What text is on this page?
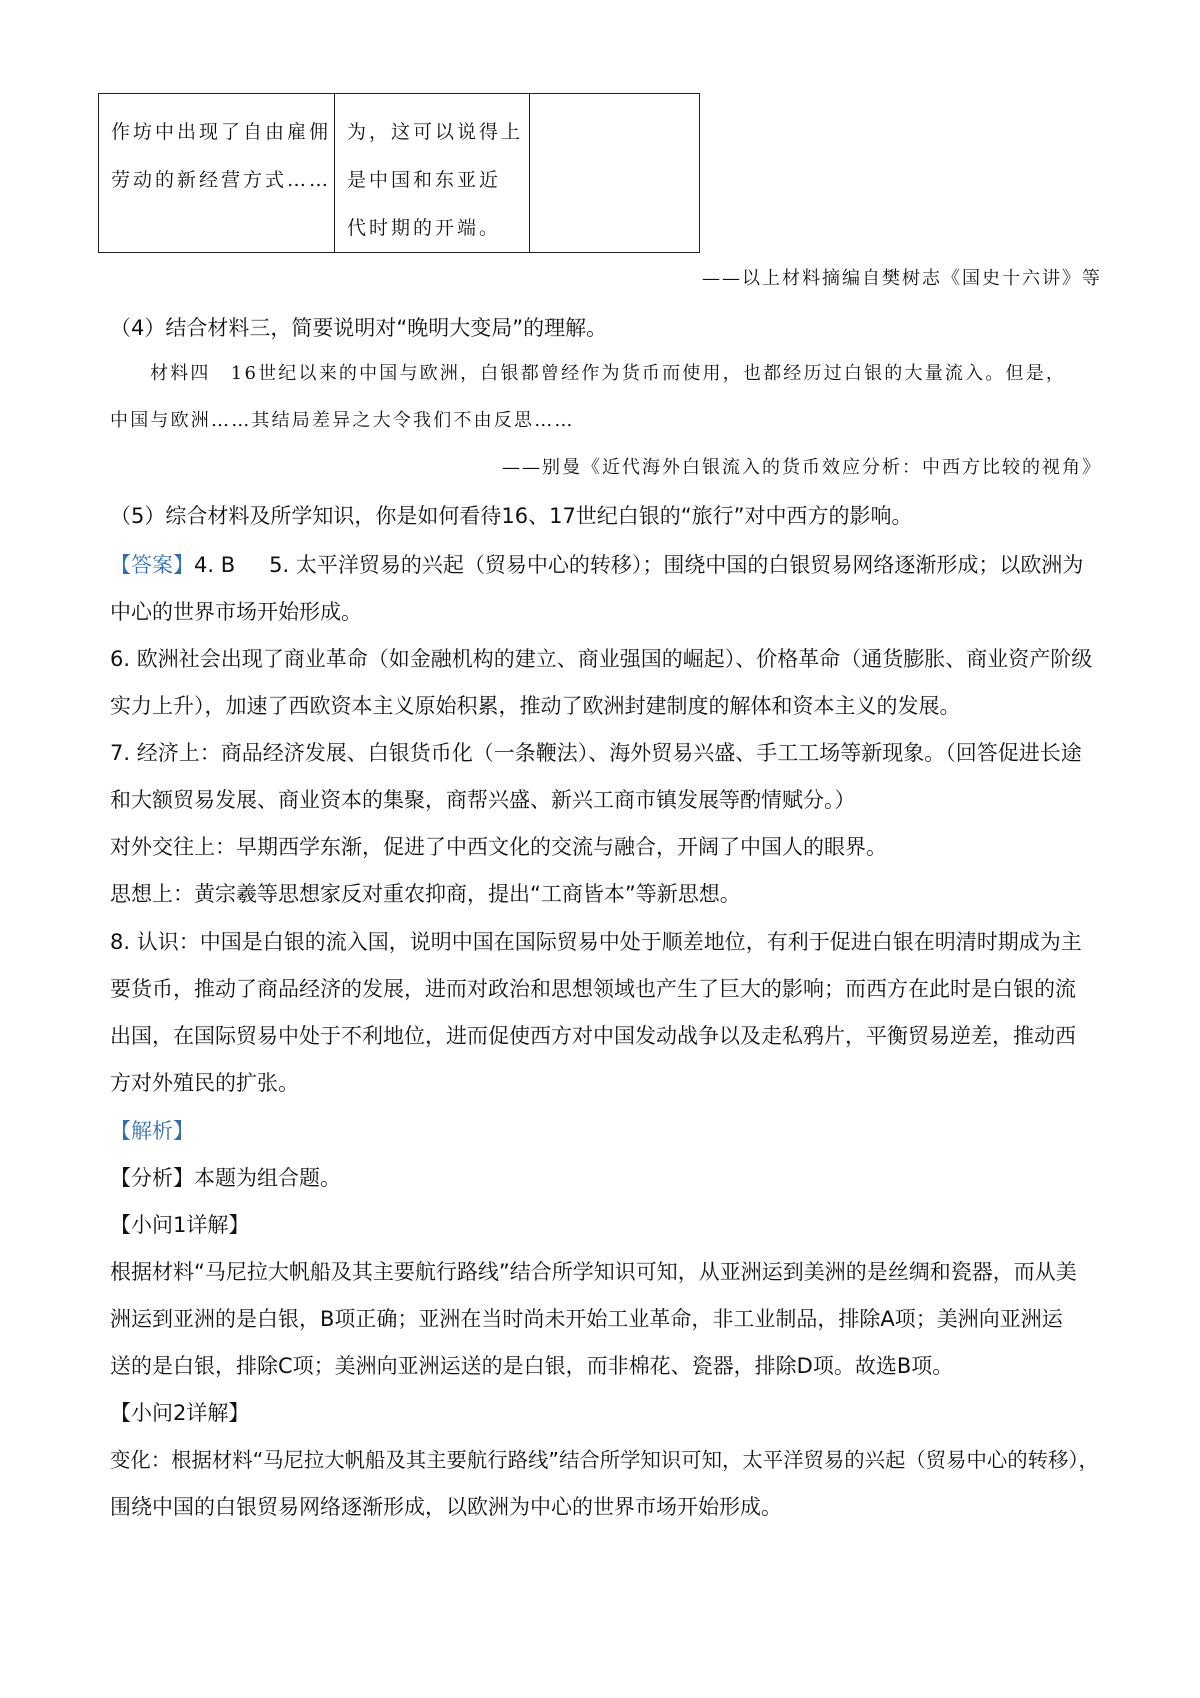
作坊中出现了自由雇佣
劳动的新经营方式……

为，这可以说得上
是中国和东亚近
代时期的开端。

——以上材料摘编自樊树志《国史十六讲》等
（4）结合材料三，简要说明对“晚明大变局”的理解。
材料四　16世纪以来的中国与欧洲，白银都曾经作为货币而使用，也都经历过白银的大量流入。但是，
中国与欧洲……其结局差异之大令我们不由反思……
——别曼《近代海外白银流入的货币效应分析：中西方比较的视角》
（5）综合材料及所学知识，你是如何看待16、17世纪白银的“旅行”对中西方的影响。
【答案】4. B 5. 太平洋贸易的兴起（贸易中心的转移）；围绕中国的白银贸易网络逐渐形成；以欧洲为
中心的世界市场开始形成。
6. 欧洲社会出现了商业革命（如金融机构的建立、商业强国的崛起）、价格革命（通货膨胀、商业资产阶级
实力上升），加速了西欧资本主义原始积累，推动了欧洲封建制度的解体和资本主义的发展。
7. 经济上：商品经济发展、白银货币化（一条鞭法）、海外贸易兴盛、手工工场等新现象。（回答促进长途
和大额贸易发展、商业资本的集聚，商帮兴盛、新兴工商市镇发展等酌情赋分。）
对外交往上：早期西学东渐，促进了中西文化的交流与融合，开阔了中国人的眼界。
思想上：黄宗羲等思想家反对重农抑商，提出“工商皆本”等新思想。
8. 认识：中国是白银的流入国，说明中国在国际贸易中处于顺差地位，有利于促进白银在明清时期成为主
要货币，推动了商品经济的发展，进而对政治和思想领域也产生了巨大的影响；而西方在此时是白银的流
出国，在国际贸易中处于不利地位，进而促使西方对中国发动战争以及走私鸦片，平衡贸易逆差，推动西
方对外殖民的扩张。
【解析】
【分析】本题为组合题。
【小问1详解】
根据材料“马尼拉大帆船及其主要航行路线”结合所学知识可知，从亚洲运到美洲的是丝绸和瓷器，而从美
洲运到亚洲的是白银，B项正确；亚洲在当时尚未开始工业革命，非工业制品，排除A项；美洲向亚洲运
送的是白银，排除C项；美洲向亚洲运送的是白银，而非棉花、瓷器，排除D项。故选B项。
【小问2详解】
变化：根据材料“马尼拉大帆船及其主要航行路线”结合所学知识可知，太平洋贸易的兴起（贸易中心的转移），
围绕中国的白银贸易网络逐渐形成，以欧洲为中心的世界市场开始形成。
